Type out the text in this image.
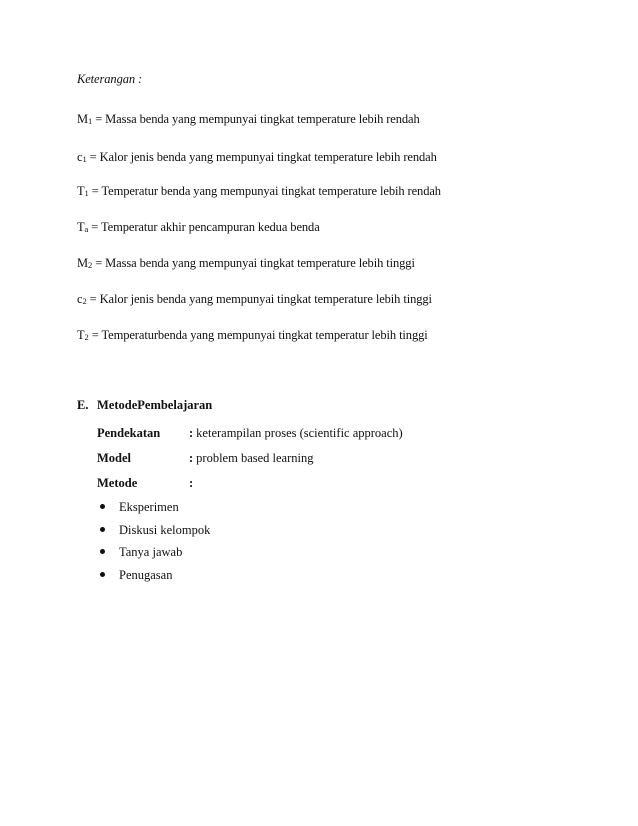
Keterangan :
M1 = Massa benda yang mempunyai tingkat temperature lebih rendah
c1 = Kalor jenis benda yang mempunyai tingkat temperature lebih rendah
T1 = Temperatur benda yang mempunyai tingkat temperature lebih rendah
Ta = Temperatur akhir pencampuran kedua benda
M2 = Massa benda yang mempunyai tingkat temperature lebih tinggi
c2 = Kalor jenis benda yang mempunyai tingkat temperature lebih tinggi
T2 = Temperaturbenda yang mempunyai tingkat temperatur lebih tinggi
E. MetodePembelajaran
Pendekatan : keterampilan proses (scientific approach)
Model	: problem based learning
Metode	:
Eksperimen
Diskusi kelompok
Tanya jawab
Penugasan
